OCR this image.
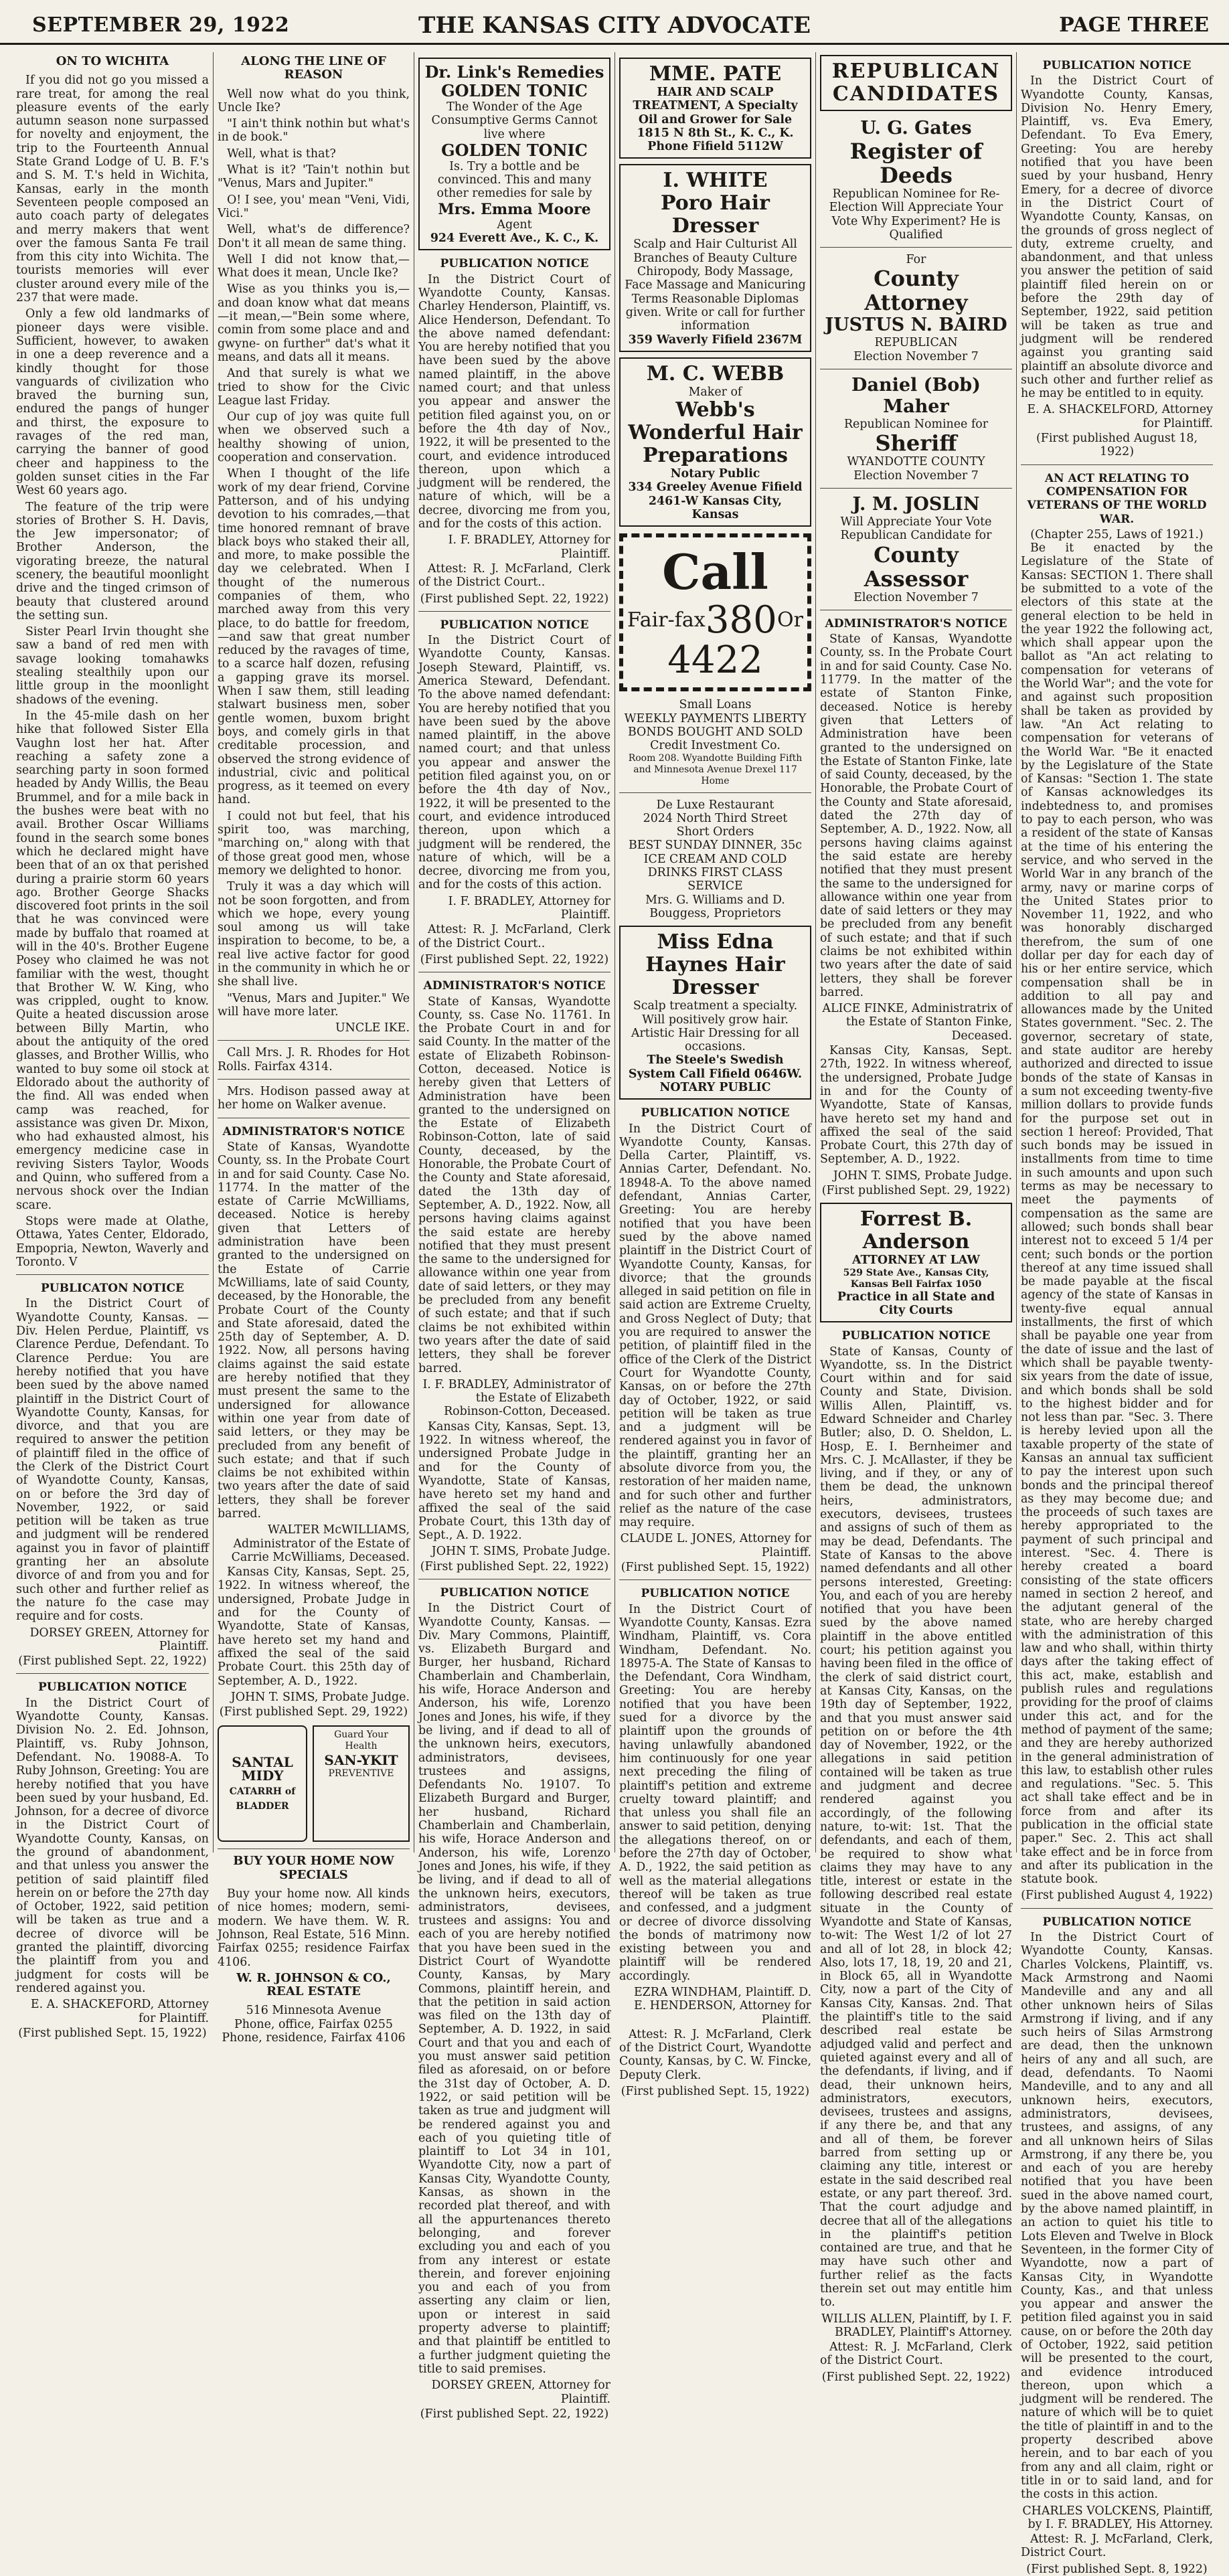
SEPTEMBER 29, 1922	THE KANSAS CITY ADVOCATE	PAGE THREE
ON TO WICHITA
If you did not go you missed a rare treat, for among the real pleasure events of the early autumn season none surpassed for novelty and enjoyment, the trip to the Fourteenth Annual State Grand Lodge of U. B. F.'s and S. M. T.'s held in Wichita, Kansas, early in the month Seventeen people composed an auto coach party of delegates and merry makers that went over the famous Santa Fe trail from this city into Wichita. The tourists memories will ever cluster around every mile of the 237 that were made.
Only a few old landmarks of pioneer days were visible. Sufficient, however, to awaken in one a deep reverence and a kindly thought for those vanguards of civilization who braved the burning sun, endured the pangs of hunger and thirst, the exposure to ravages of the red man, carrying the banner of good cheer and happiness to the golden sunset cities in the Far West 60 years ago.
The feature of the trip were stories of Brother S. H. Davis, the Jew impersonator; of Brother Anderson, the vigorating breeze, the natural scenery, the beautiful moonlight drive and the tinged crimson of beauty that clustered around the setting sun.
Sister Pearl Irvin thought she saw a band of red men with savage looking tomahawks stealing stealthily upon our little group in the moonlight shadows of the evening.
In the 45-mile dash on her hike that followed Sister Ella Vaughn lost her hat. After reaching a safety zone a searching party in soon formed headed by Andy Willis, the Beau Brummel, and for a mile back in the bushes were beat with no avail. Brother Oscar Williams found in the search some bones which he declared might have been that of an ox that perished during a prairie storm 60 years ago. Brother George Shacks discovered foot prints in the soil that he was convinced were made by buffalo that roamed at will in the 40's. Brother Eugene Posey who claimed he was not familiar with the west, thought that Brother W. W. King, who was crippled, ought to know. Quite a heated discussion arose between Billy Martin, who about the antiquity of the ored glasses, and Brother Willis, who wanted to buy some oil stock at Eldorado about the authority of the find. All was ended when camp was reached, for assistance was given Dr. Mixon, who had exhausted almost, his emergency medicine case in reviving Sisters Taylor, Woods and Quinn, who suffered from a nervous shock over the Indian scare.
Stops were made at Olathe, Ottawa, Yates Center, Eldorado, Empopria, Newton, Waverly and Toronto. V
PUBLICATON NOTICE
In the District Court of Wyandotte County, Kansas. — Div. Helen Perdue, Plaintiff, vs Clarence Perdue, Defendant. To Clarence Perdue: You are hereby notified that you have been sued by the above named plaintiff in the District Court of Wyandotte County, Kansas, for divorce, and that you are required to answer the petition of plaintiff filed in the office of the Clerk of the District Court of Wyandotte County, Kansas, on or before the 3rd day of November, 1922, or said petition will be taken as true and judgment will be rendered against you in favor of plaintiff granting her an absolute divorce of and from you and for such other and further relief as the nature fo the case may require and for costs.
DORSEY GREEN, Attorney for Plaintiff.
(First published Sept. 22, 1922)
PUBLICATION NOTICE
In the District Court of Wyandotte County, Kansas. Division No. 2. Ed. Johnson, Plaintiff, vs. Ruby Johnson, Defendant. No. 19088-A. To Ruby Johnson, Greeting: You are hereby notified that you have been sued by your husband, Ed. Johnson, for a decree of divorce in the District Court of Wyandotte County, Kansas, on the ground of abandonment, and that unless you answer the petition of said plaintiff filed herein on or before the 27th day of October, 1922, said petition will be taken as true and a decree of divorce will be granted the plaintiff, divorcing the plaintiff from you and judgment for costs will be rendered against you.
E. A. SHACKEFORD, Attorney for Plaintiff.
(First published Sept. 15, 1922)
ALONG THE LINE OF REASON
Well now what do you think, Uncle Ike?
"I ain't think nothin but what's in de book."
Well, what is that?
What is it? 'Tain't nothin but "Venus, Mars and Jupiter."
O! I see, you' mean "Veni, Vidi, Vici."
Well, what's de difference? Don't it all mean de same thing.
Well I did not know that,— What does it mean, Uncle Ike?
Wise as you thinks you is,— and doan know what dat means —it mean,—"Bein some where, comin from some place and and gwyne- on further" dat's what it means, and dats all it means.
And that surely is what we tried to show for the Civic League last Friday.
Our cup of joy was quite full when we observed such a healthy showing of union, cooperation and conservation.
When I thought of the life work of my dear friend, Corvine Patterson, and of his undying devotion to his comrades,—that time honored remnant of brave black boys who staked their all, and more, to make possible the day we celebrated. When I thought of the numerous companies of them, who marched away from this very place, to do battle for freedom,—and saw that great number reduced by the ravages of time, to a scarce half dozen, refusing a gapping grave its morsel. When I saw them, still leading stalwart business men, sober gentle women, buxom bright boys, and comely girls in that creditable procession, and observed the strong evidence of industrial, civic and political progress, as it teemed on every hand.
I could not but feel, that his spirit too, was marching, "marching on," along with that of those great good men, whose memory we delighted to honor.
Truly it was a day which will not be soon forgotten, and from which we hope, every young soul among us will take inspiration to become, to be, a real live active factor for good in the community in which he or she shall live.
"Venus, Mars and Jupiter." We will have more later.
UNCLE IKE.
Call Mrs. J. R. Rhodes for Hot Rolls. Fairfax 4314.
Mrs. Hodison passed away at her home on Walker avenue.
ADMINISTRATOR'S NOTICE
State of Kansas, Wyandotte County, ss. In the Probate Court in and for said County. Case No. 11774. In the matter of the estate of Carrie McWilliams, deceased. Notice is hereby given that Letters of administration have been granted to the undersigned on the Estate of Carrie McWilliams, late of said County, deceased, by the Honorable, the Probate Court of the County and State aforesaid, dated the 25th day of September, A. D. 1922. Now, all persons having claims against the said estate are hereby notified that they must present the same to the undersigned for allowance within one year from date of said letters, or they may be precluded from any benefit of such estate; and that if such claims be not exhibited within two years after the date of said letters, they shall be forever barred.
WALTER McWILLIAMS, Administrator of the Estate of Carrie McWilliams, Deceased.
Kansas City, Kansas, Sept. 25, 1922. In witness whereof, the undersigned, Probate Judge in and for the County of Wyandotte, State of Kansas, have hereto set my hand and affixed the seal of the said Probate Court. this 25th day of September, A. D., 1922.
JOHN T. SIMS, Probate Judge.
(First published Sept. 29, 1922)
SANTAL MIDY
CATARRH of BLADDER
Guard Your Health
SAN-YKIT
PREVENTIVE
BUY YOUR HOME NOW SPECIALS
Buy your home now. All kinds of nice homes; modern, semi-modern. We have them. W. R. Johnson, Real Estate, 516 Minn. Fairfax 0255; residence Fairfax 4106.
W. R. JOHNSON & CO., REAL ESTATE
516 Minnesota Avenue
Phone, office, Fairfax 0255 Phone, residence, Fairfax 4106
Dr. Link's Remedies GOLDEN TONIC
The Wonder of the Age Consumptive Germs Cannot live where
GOLDEN TONIC
Is. Try a bottle and be convinced. This and many other remedies for sale by
Mrs. Emma Moore
Agent
924 Everett Ave., K. C., K.
PUBLICATION NOTICE
In the District Court of Wyandotte County, Kansas. Charley Henderson, Plaintiff, vs. Alice Henderson, Defendant. To the above named defendant: You are hereby notified that you have been sued by the above named plaintiff, in the above named court; and that unless you appear and answer the petition filed against you, on or before the 4th day of Nov., 1922, it will be presented to the court, and evidence introduced thereon, upon which a judgment will be rendered, the nature of which, will be a decree, divorcing me from you, and for the costs of this action.
I. F. BRADLEY, Attorney for Plaintiff.
Attest: R. J. McFarland, Clerk of the District Court..
(First published Sept. 22, 1922)
PUBLICATION NOTICE
In the District Court of Wyandotte County, Kansas. Joseph Steward, Plaintiff, vs. America Steward, Defendant. To the above named defendant: You are hereby notified that you have been sued by the above named plaintiff, in the above named court; and that unless you appear and answer the petition filed against you, on or before the 4th day of Nov., 1922, it will be presented to the court, and evidence introduced thereon, upon which a judgment will be rendered, the nature of which, will be a decree, divorcing me from you, and for the costs of this action.
I. F. BRADLEY, Attorney for Plaintiff.
Attest: R. J. McFarland, Clerk of the District Court..
(First published Sept. 22, 1922)
ADMINISTRATOR'S NOTICE
State of Kansas, Wyandotte County, ss. Case No. 11761. In the Probate Court in and for said County. In the matter of the estate of Elizabeth Robinson-Cotton, deceased. Notice is hereby given that Letters of Administration have been granted to the undersigned on the Estate of Elizabeth Robinson-Cotton, late of said County, deceased, by the Honorable, the Probate Court of the County and State aforesaid, dated the 13th day of September, A. D., 1922. Now, all persons having claims against the said estate are hereby notified that they must present the same to the undersigned for allowance within one year from date of said letters, or they may be precluded from any benefit of such estate; and that if such claims be not exhibited within two years after the date of said letters, they shall be forever barred.
I. F. BRADLEY, Administrator of the Estate of Elizabeth Robinson-Cotton, Deceased.
Kansas City, Kansas, Sept. 13, 1922. In witness whereof, the undersigned Probate Judge in and for the County of Wyandotte, State of Kansas, have hereto set my hand and affixed the seal of the said Probate Court, this 13th day of Sept., A. D. 1922.
JOHN T. SIMS, Probate Judge.
(First published Sept. 22, 1922)
PUBLICATION NOTICE
In the District Court of Wyandotte County, Kansas. — Div. Mary Commons, Plaintiff, vs. Elizabeth Burgard and Burger, her husband, Richard Chamberlain and Chamberlain, his wife, Horace Anderson and Anderson, his wife, Lorenzo Jones and Jones, his wife, if they be living, and if dead to all of the unknown heirs, executors, administrators, devisees, trustees and assigns, Defendants No. 19107. To Elizabeth Burgard and Burger, her husband, Richard Chamberlain and Chamberlain, his wife, Horace Anderson and Anderson, his wife, Lorenzo Jones and Jones, his wife, if they be living, and if dead to all of the unknown heirs, executors, administrators, devisees, trustees and assigns: You and each of you are hereby notified that you have been sued in the District Court of Wyandotte County, Kansas, by Mary Commons, plaintiff herein, and that the petition in said action was filed on the 13th day of September, A. D. 1922, in said Court and that you and each of you must answer said petition filed as aforesaid, on or before the 31st day of October, A. D. 1922, or said petition will be taken as true and judgment will be rendered against you and each of you quieting title of plaintiff to Lot 34 in 101, Wyandotte City, now a part of Kansas City, Wyandotte County, Kansas, as shown in the recorded plat thereof, and with all the appurtenances thereto belonging, and forever excluding you and each of you from any interest or estate therein, and forever enjoining you and each of you from asserting any claim or lien, upon or interest in said property adverse to plaintiff; and that plaintiff be entitled to a further judgment quieting the title to said premises.
DORSEY GREEN, Attorney for Plaintiff.
(First published Sept. 22, 1922)
MME. PATE
HAIR AND SCALP TREATMENT, A Specialty Oil and Grower for Sale
1815 N 8th St., K. C., K. Phone Fifield 5112W
I. WHITE
Poro Hair Dresser
Scalp and Hair Culturist All Branches of Beauty Culture Chiropody, Body Massage, Face Massage and Manicuring Terms Reasonable Diplomas given. Write or call for further information
359 Waverly Fifield 2367M
M. C. WEBB
Maker of
Webb's Wonderful Hair Preparations
Notary Public
334 Greeley Avenue Fifield 2461-W Kansas City, Kansas
Call
Fair-fax 380 Or
4422
Small Loans
WEEKLY PAYMENTS LIBERTY BONDS BOUGHT AND SOLD
Credit Investment Co.
Room 208. Wyandotte Building Fifth and Minnesota Avenue Drexel 117 Home
De Luxe Restaurant
2024 North Third Street
Short Orders
BEST SUNDAY DINNER, 35c ICE CREAM AND COLD DRINKS FIRST CLASS SERVICE
Mrs. G. Williams and D. Bouggess, Proprietors
Miss Edna Haynes Hair Dresser
Scalp treatment a specialty. Will positively grow hair. Artistic Hair Dressing for all occasions.
The Steele's Swedish System Call Fifield 0646W. NOTARY PUBLIC
PUBLICATION NOTICE
In the District Court of Wyandotte County, Kansas. Della Carter, Plaintiff, vs. Annias Carter, Defendant. No. 18948-A. To the above named defendant, Annias Carter, Greeting: You are hereby notified that you have been sued by the above named plaintiff in the District Court of Wyandotte County, Kansas, for divorce; that the grounds alleged in said petition on file in said action are Extreme Cruelty, and Gross Neglect of Duty; that you are required to answer the petition, of plaintiff filed in the office of the Clerk of the District Court for Wyandotte County, Kansas, on or before the 27th day of October, 1922, or said petition will be taken as true and a judgment will be rendered against you in favor of the plaintiff, granting her an absolute divorce from you, the restoration of her maiden name, and for such other and further relief as the nature of the case may require.
CLAUDE L. JONES, Attorney for Plaintiff.
(First published Sept. 15, 1922)
PUBLICATION NOTICE
In the District Court of Wyandotte County, Kansas. Ezra Windham, Plaintiff, vs. Cora Windham, Defendant. No. 18975-A. The State of Kansas to the Defendant, Cora Windham, Greeting: You are hereby notified that you have been sued for a divorce by the plaintiff upon the grounds of having unlawfully abandoned him continuously for one year next preceding the filing of plaintiff's petition and extreme cruelty toward plaintiff; and that unless you shall file an answer to said petition, denying the allegations thereof, on or before the 27th day of October, A. D., 1922, the said petition as well as the material allegations thereof will be taken as true and confessed, and a judgment or decree of divorce dissolving the bonds of matrimony now existing between you and plaintiff will be rendered accordingly.
EZRA WINDHAM, Plaintiff. D. E. HENDERSON, Attorney for Plaintiff.
Attest: R. J. McFarland, Clerk of the District Court, Wyandotte County, Kansas, by C. W. Fincke, Deputy Clerk.
(First published Sept. 15, 1922)
REPUBLICAN CANDIDATES
U. G. Gates
Register of Deeds
Republican Nominee for Re-Election Will Appreciate Your Vote Why Experiment? He is Qualified
For
County Attorney
JUSTUS N. BAIRD
REPUBLICAN
Election November 7
Daniel (Bob) Maher
Republican Nominee for
Sheriff
WYANDOTTE COUNTY
Election November 7
J. M. JOSLIN
Will Appreciate Your Vote Republican Candidate for
County Assessor
Election November 7
ADMINISTRATOR'S NOTICE
State of Kansas, Wyandotte County, ss. In the Probate Court in and for said County. Case No. 11779. In the matter of the estate of Stanton Finke, deceased. Notice is hereby given that Letters of Administration have been granted to the undersigned on the Estate of Stanton Finke, late of said County, deceased, by the Honorable, the Probate Court of the County and State aforesaid, dated the 27th day of September, A. D., 1922. Now, all persons having claims against the said estate are hereby notified that they must present the same to the undersigned for allowance within one year from date of said letters or they may be precluded from any benefit of such estate; and that if such claims be not exhibited within two years after the date of said letters, they shall be forever barred.
ALICE FINKE, Administratrix of the Estate of Stanton Finke, Deceased.
Kansas City, Kansas, Sept. 27th, 1922. In witness whereof, the undersigned, Probate Judge in and for the County of Wyandotte, State of Kansas, have hereto set my hand and affixed the seal of the said Probate Court, this 27th day of September, A. D., 1922.
JOHN T. SIMS, Probate Judge.
(First published Sept. 29, 1922)
Forrest B. Anderson
ATTORNEY AT LAW
529 State Ave., Kansas City, Kansas Bell Fairfax 1050
Practice in all State and City Courts
PUBLICATION NOTICE
State of Kansas, County of Wyandotte, ss. In the District Court within and for said County and State, Division. Willis Allen, Plaintiff, vs. Edward Schneider and Charley Butler; also, D. O. Sheldon, L. Hosp, E. I. Bernheimer and Mrs. C. J. McAllaster, if they be living, and if they, or any of them be dead, the unknown heirs, administrators, executors, devisees, trustees and assigns of such of them as may be dead, Defendants. The State of Kansas to the above named defendants and all other persons interested, Greeting: You, and each of you are hereby notified that you have been sued by the above named plaintiff in the above entitled court; his petition against you having been filed in the office of the clerk of said district court, at Kansas City, Kansas, on the 19th day of September, 1922, and that you must answer said petition on or before the 4th day of November, 1922, or the allegations in said petition contained will be taken as true and judgment and decree rendered against you accordingly, of the following nature, to-wit: 1st. That the defendants, and each of them, be required to show what claims they may have to any title, interest or estate in the following described real estate situate in the County of Wyandotte and State of Kansas, to-wit: The West 1/2 of lot 27 and all of lot 28, in block 42; Also, lots 17, 18, 19, 20 and 21, in Block 65, all in Wyandotte City, now a part of the City of Kansas City, Kansas. 2nd. That the plaintiff's title to the said described real estate be adjudged valid and perfect and quieted against every and all of the defendants, if living, and if dead, their unknown heirs, administrators, executors, devisees, trustees and assigns, if any there be, and that any and all of them, be forever barred from setting up or claiming any title, interest or estate in the said described real estate, or any part thereof. 3rd. That the court adjudge and decree that all of the allegations in the plaintiff's petition contained are true, and that he may have such other and further relief as the facts therein set out may entitle him to.
WILLIS ALLEN, Plaintiff, by I. F. BRADLEY, Plaintiff's Attorney.
Attest: R. J. McFarland, Clerk of the District Court.
(First published Sept. 22, 1922)
PUBLICATION NOTICE
In the District Court of Wyandotte County, Kansas, Division No. Henry Emery, Plaintiff, vs. Eva Emery, Defendant. To Eva Emery, Greeting: You are hereby notified that you have been sued by your husband, Henry Emery, for a decree of divorce in the District Court of Wyandotte County, Kansas, on the grounds of gross neglect of duty, extreme cruelty, and abandonment, and that unless you answer the petition of said plaintiff filed herein on or before the 29th day of September, 1922, said petition will be taken as true and judgment will be rendered against you granting said plaintiff an absolute divorce and such other and further relief as he may be entitled to in equity.
E. A. SHACKELFORD, Attorney for Plaintiff.
(First published August 18, 1922)
AN ACT RELATING TO COMPENSATION FOR VETERANS OF THE WORLD WAR.
(Chapter 255, Laws of 1921.)
Be it enacted by the Legislature of the State of Kansas: SECTION 1. There shall be submitted to a vote of the electors of this state at the general election to be held in the year 1922 the following act, which shall appear upon the ballot as "An act relating to compensation for veterans of the World War"; and the vote for and against such proposition shall be taken as provided by law. "An Act relating to compensation for veterans of the World War. "Be it enacted by the Legislature of the State of Kansas: "Section 1. The state of Kansas acknowledges its indebtedness to, and promises to pay to each person, who was a resident of the state of Kansas at the time of his entering the service, and who served in the World War in any branch of the army, navy or marine corps of the United States prior to November 11, 1922, and who was honorably discharged therefrom, the sum of one dollar per day for each day of his or her entire service, which compensation shall be in addition to all pay and allowances made by the United States government. "Sec. 2. The governor, secretary of state, and state auditor are hereby authorized and directed to issue bonds of the state of Kansas in a sum not exceeding twenty-five million dollars to provide funds for the purpose set out in section 1 hereof: Provided, That such bonds may be issued in installments from time to time in such amounts and upon such terms as may be necessary to meet the payments of compensation as the same are allowed; such bonds shall bear interest not to exceed 5 1/4 per cent; such bonds or the portion thereof at any time issued shall be made payable at the fiscal agency of the state of Kansas in twenty-five equal annual installments, the first of which shall be payable one year from the date of issue and the last of which shall be payable twenty-six years from the date of issue, and which bonds shall be sold to the highest bidder and for not less than par. "Sec. 3. There is hereby levied upon all the taxable property of the state of Kansas an annual tax sufficient to pay the interest upon such bonds and the principal thereof as they may become due; and the proceeds of such taxes are hereby appropriated to the payment of such principal and interest. "Sec. 4. There is hereby created a board consisting of the state officers named in section 2 hereof, and the adjutant general of the state, who are hereby charged with the administration of this law and who shall, within thirty days after the taking effect of this act, make, establish and publish rules and regulations providing for the proof of claims under this act, and for the method of payment of the same; and they are hereby authorized in the general administration of this law, to establish other rules and regulations. "Sec. 5. This act shall take effect and be in force from and after its publication in the official state paper." Sec. 2. This act shall take effect and be in force from and after its publication in the statute book.
(First published August 4, 1922)
PUBLICATION NOTICE
In the District Court of Wyandotte County, Kansas. Charles Volckens, Plaintiff, vs. Mack Armstrong and Naomi Mandeville and any and all other unknown heirs of Silas Armstrong if living, and if any such heirs of Silas Armstrong are dead, then the unknown heirs of any and all such, are dead, defendants. To Naomi Mandeville, and to any and all unknown heirs, executors, administrators, devisees, trustees, and assigns, of any and all unknown heirs of Silas Armstrong, if any there be, you and each of you are hereby notified that you have been sued in the above named court, by the above named plaintiff, in an action to quiet his title to Lots Eleven and Twelve in Block Seventeen, in the former City of Wyandotte, now a part of Kansas City, in Wyandotte County, Kas., and that unless you appear and answer the petition filed against you in said cause, on or before the 20th day of October, 1922, said petition will be presented to the court, and evidence introduced thereon, upon which a judgment will be rendered. The nature of which will be to quiet the title of plaintiff in and to the property described above herein, and to bar each of you from any and all claim, right or title in or to said land, and for the costs in this action.
CHARLES VOLCKENS, Plaintiff, by I. F. BRADLEY, His Attorney.
Attest: R. J. McFarland, Clerk, District Court.
(First published Sept. 8, 1922)
